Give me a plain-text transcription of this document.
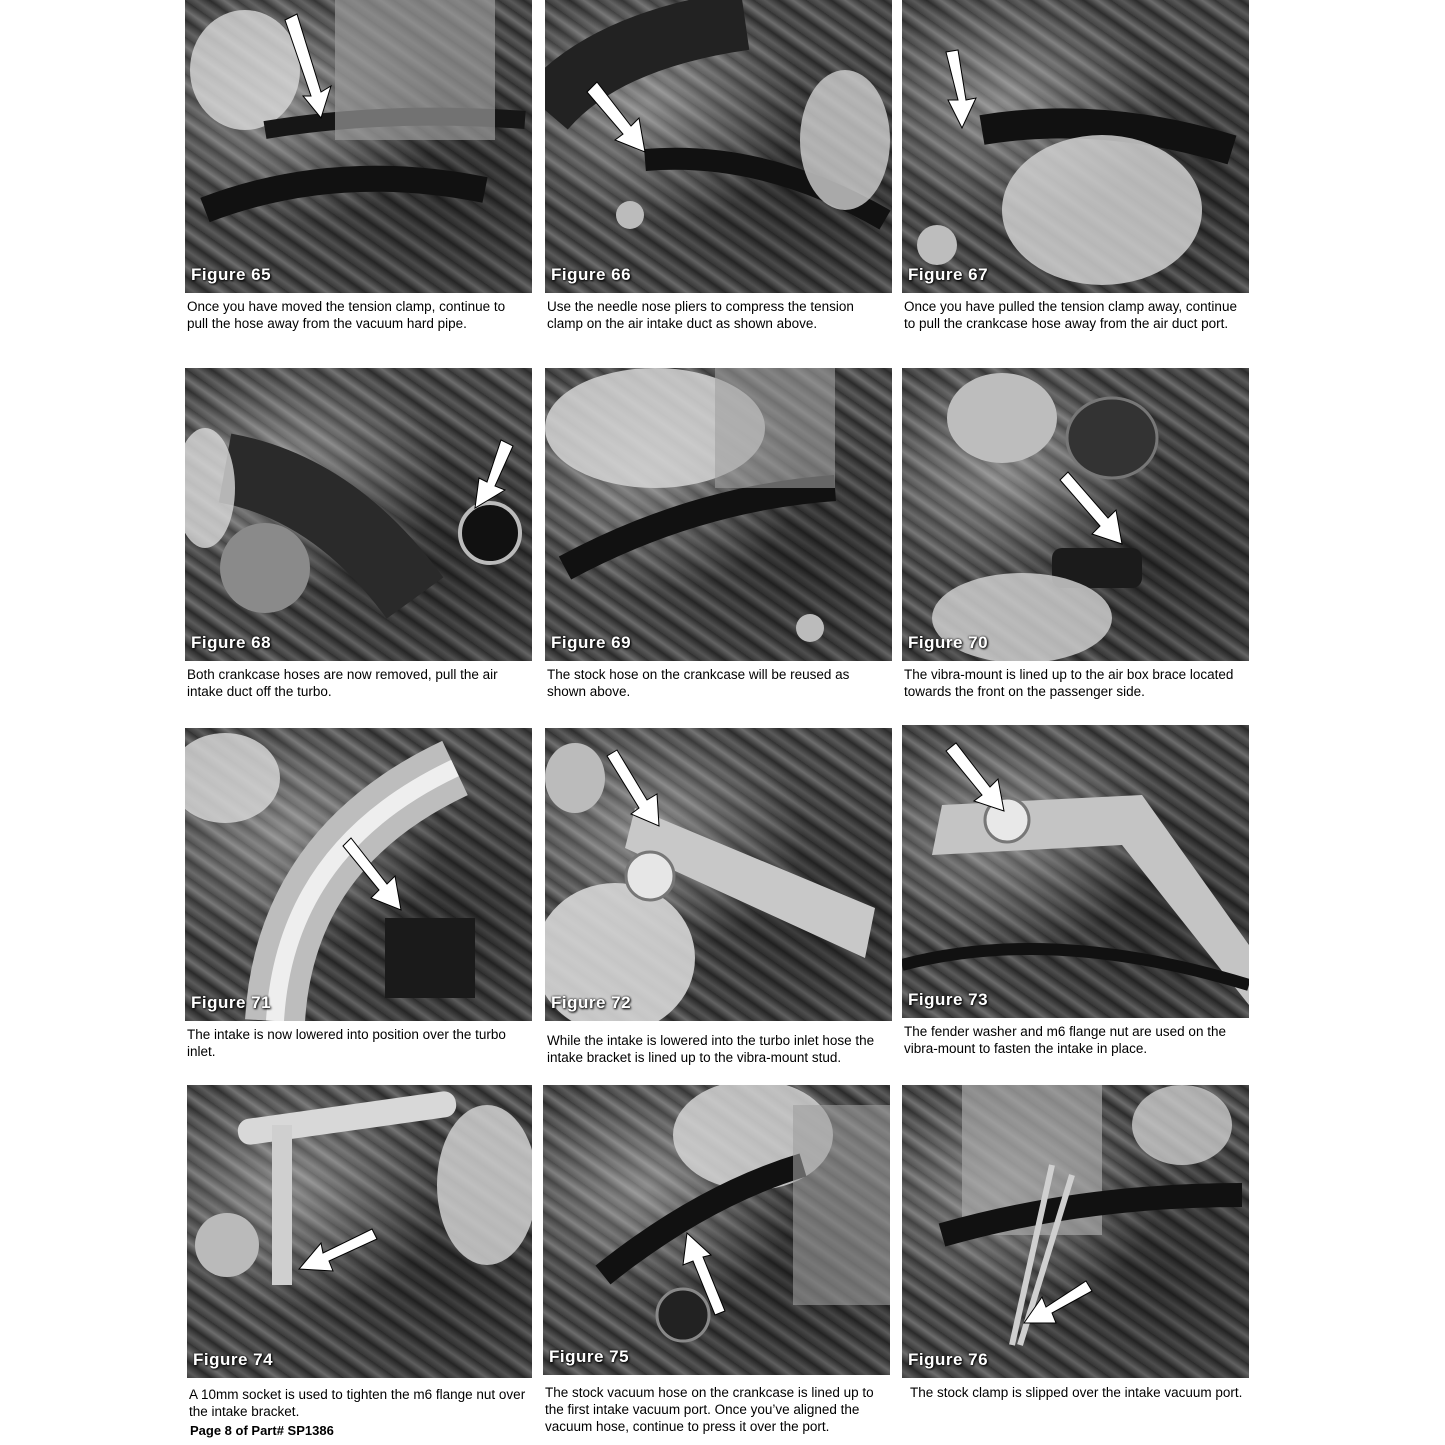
Figure 65
Once you have moved the tension clamp, continue to pull the hose away from the vacuum hard pipe.
Figure 66
Use the needle nose pliers to compress the tension clamp on the air intake duct as shown above.
Figure 67
Once you have pulled the tension clamp away, continue to pull the crankcase hose away from the air duct port.
Figure 68
Both crankcase hoses are now removed, pull the air intake duct off the turbo.
Figure 69
The stock hose on the crankcase will be reused as shown above.
Figure 70
The vibra-mount is lined up to the air box brace located towards the front on the passenger side.
Figure 71
The intake is now lowered into position over the turbo inlet.
Figure 72
While the intake is lowered into the turbo inlet hose the intake bracket is lined up to the vibra-mount stud.
Figure 73
The fender washer and m6 flange nut are used on the vibra-mount to fasten the intake in place.
Figure 74
A 10mm socket is used to tighten the m6 flange nut over the intake bracket.
Figure 75
The stock vacuum hose on the crankcase is lined up to the first intake vacuum port. Once you’ve aligned the vacuum hose, continue to press it over the port.
Figure 76
The stock clamp is slipped over the intake vacuum port.
Page 8 of Part# SP1386
